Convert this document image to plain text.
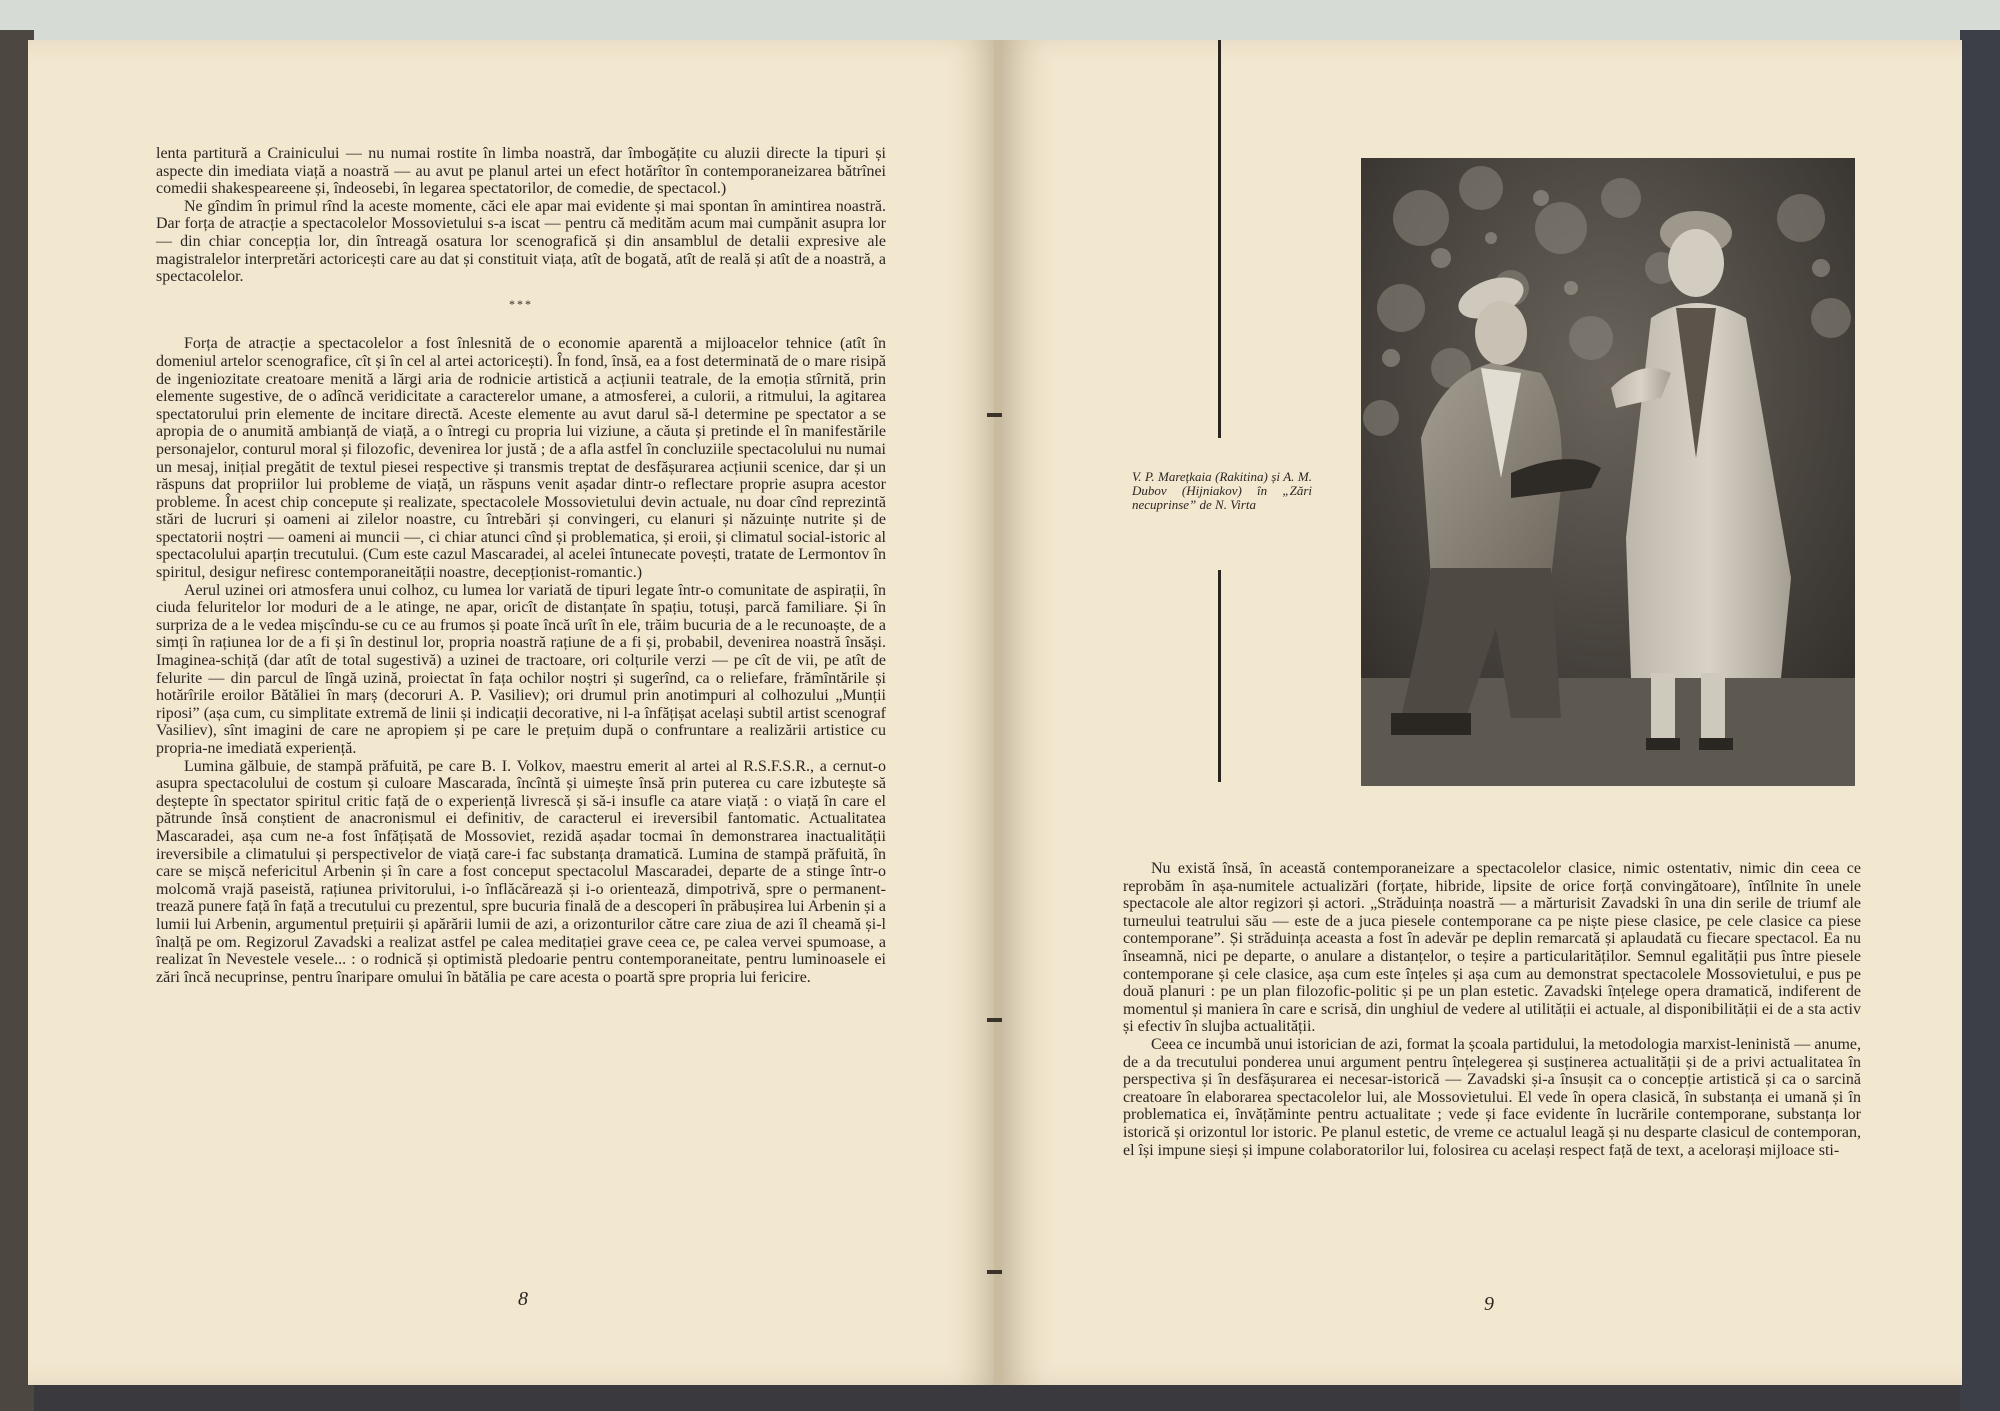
lenta partitură a Crainicului — nu numai rostite în limba noastră, dar îmbogățite cu aluzii directe la tipuri și aspecte din imediata viață a noastră — au avut pe planul artei un efect hotărîtor în contemporaneizarea bătrînei comedii shakespeareene și, îndeosebi, în legarea spectatorilor, de comedie, de spectacol.)

Ne gîndim în primul rînd la aceste momente, căci ele apar mai evidente și mai spontan în amintirea noastră. Dar forța de atracție a spectacolelor Mossovietului s-a iscat — pentru că medităm acum mai cumpănit asupra lor — din chiar concepția lor, din întreagă osatura lor scenografică și din ansamblul de detalii expresive ale magistralelor interpretări actoricești care au dat și constituit viața, atît de bogată, atît de reală și atît de a noastră, a spectacolelor.

***

Forța de atracție a spectacolelor a fost înlesnită de o economie aparentă a mijloacelor tehnice (atît în domeniul artelor scenografice, cît și în cel al artei actoricești). În fond, însă, ea a fost determinată de o mare risipă de ingeniozitate creatoare menită a lărgi aria de rodnicie artistică a acțiunii teatrale, de la emoția stîrnită, prin elemente sugestive, de o adîncă veridicitate a caracterelor umane, a atmosferei, a culorii, a ritmului, la agitarea spectatorului prin elemente de incitare directă. Aceste elemente au avut darul să-l determine pe spectator a se apropia de o anumită ambianță de viață, a o întregi cu propria lui viziune, a căuta și pretinde el în manifestările personajelor, conturul moral și filozofic, devenirea lor justă ; de a afla astfel în concluziile spectacolului nu numai un mesaj, inițial pregătit de textul piesei respective și transmis treptat de desfășurarea acțiunii scenice, dar și un răspuns dat propriilor lui probleme de viață, un răspuns venit așadar dintr-o reflectare proprie asupra acestor probleme. În acest chip concepute și realizate, spectacolele Mossovietului devin actuale, nu doar cînd reprezintă stări de lucruri și oameni ai zilelor noastre, cu întrebări și convingeri, cu elanuri și năzuințe nutrite și de spectatorii noștri — oameni ai muncii —, ci chiar atunci cînd și problematica, și eroii, și climatul social-istoric al spectacolului aparțin trecutului. (Cum este cazul Mascaradei, al acelei întunecate povești, tratate de Lermontov în spiritul, desigur nefiresc contemporaneității noastre, decepționist-romantic.)

Aerul uzinei ori atmosfera unui colhoz, cu lumea lor variată de tipuri legate într-o comunitate de aspirații, în ciuda feluritelor lor moduri de a le atinge, ne apar, oricît de distanțate în spațiu, totuși, parcă familiare. Și în surpriza de a le vedea mișcîndu-se cu ce au frumos și poate încă urît în ele, trăim bucuria de a le recunoaște, de a simți în rațiunea lor de a fi și în destinul lor, propria noastră rațiune de a fi și, probabil, devenirea noastră însăși. Imaginea-schiță (dar atît de total sugestivă) a uzinei de tractoare, ori colțurile verzi — pe cît de vii, pe atît de felurite — din parcul de lîngă uzină, proiectat în fața ochilor noștri și sugerînd, ca o reliefare, frămîntările și hotărîrile eroilor Bătăliei în marș (decoruri A. P. Vasiliev); ori drumul prin anotimpuri al colhozului „Munții riposi” (așa cum, cu simplitate extremă de linii și indicații decorative, ni l-a înfățișat același subtil artist scenograf Vasiliev), sînt imagini de care ne apropiem și pe care le prețuim după o confruntare a realizării artistice cu propria-ne imediată experiență.

Lumina gălbuie, de stampă prăfuită, pe care B. I. Volkov, maestru emerit al artei al R.S.F.S.R., a cernut-o asupra spectacolului de costum și culoare Mascarada, încîntă și uimește însă prin puterea cu care izbutește să deștepte în spectator spiritul critic față de o experiență livrescă și să-i insufle ca atare viață : o viață în care el pătrunde însă conștient de anacronismul ei definitiv, de caracterul ei ireversibil fantomatic. Actualitatea Mascaradei, așa cum ne-a fost înfățișată de Mossoviet, rezidă așadar tocmai în demonstrarea inactualității ireversibile a climatului și perspectivelor de viață care-i fac substanța dramatică. Lumina de stampă prăfuită, în care se mișcă nefericitul Arbenin și în care a fost conceput spectacolul Mascaradei, departe de a stinge într-o molcomă vrajă paseistă, rațiunea privitorului, i-o înflăcărează și i-o orientează, dimpotrivă, spre o permanent-trează punere față în față a trecutului cu prezentul, spre bucuria finală de a descoperi în prăbușirea lui Arbenin și a lumii lui Arbenin, argumentul prețuirii și apărării lumii de azi, a orizonturilor către care ziua de azi îl cheamă și-l înalță pe om. Regizorul Zavadski a realizat astfel pe calea meditației grave ceea ce, pe calea vervei spumoase, a realizat în Nevestele vesele... : o rodnică și optimistă pledoarie pentru contemporaneitate, pentru luminoasele ei zări încă necuprinse, pentru înaripare omului în bătălia pe care acesta o poartă spre propria lui fericire.

8
V. P. Marețkaia (Rakitina) și A. M. Dubov (Hijniakov) în „Zări necuprinse” de N. Virta

Nu există însă, în această contemporaneizare a spectacolelor clasice, nimic ostentativ, nimic din ceea ce reprobăm în așa-numitele actualizări (forțate, hibride, lipsite de orice forță convingătoare), întîlnite în unele spectacole ale altor regizori și actori. „Străduința noastră — a mărturisit Zavadski în una din serile de triumf ale turneului teatrului său — este de a juca piesele contemporane ca pe niște piese clasice, pe cele clasice ca piese contemporane”. Și străduința aceasta a fost în adevăr pe deplin remarcată și aplaudată cu fiecare spectacol. Ea nu înseamnă, nici pe departe, o anulare a distanțelor, o teșire a particularităților. Semnul egalității pus între piesele contemporane și cele clasice, așa cum este înțeles și așa cum au demonstrat spectacolele Mossovietului, e pus pe două planuri : pe un plan filozofic-politic și pe un plan estetic. Zavadski înțelege opera dramatică, indiferent de momentul și maniera în care e scrisă, din unghiul de vedere al utilității ei actuale, al disponibilității ei de a sta activ și efectiv în slujba actualității.

Ceea ce incumbă unui istorician de azi, format la școala partidului, la metodologia marxist-leninistă — anume, de a da trecutului ponderea unui argument pentru înțelegerea și susținerea actualității și de a privi actualitatea în perspectiva și în desfășurarea ei necesar-istorică — Zavadski și-a însușit ca o concepție artistică și ca o sarcină creatoare în elaborarea spectacolelor lui, ale Mossovietului. El vede în opera clasică, în substanța ei umană și în problematica ei, învățăminte pentru actualitate ; vede și face evidente în lucrările contemporane, substanța lor istorică și orizontul lor istoric. Pe planul estetic, de vreme ce actualul leagă și nu desparte clasicul de contemporan, el își impune sieși și impune colaboratorilor lui, folosirea cu același respect față de text, a acelorași mijloace sti-

9
